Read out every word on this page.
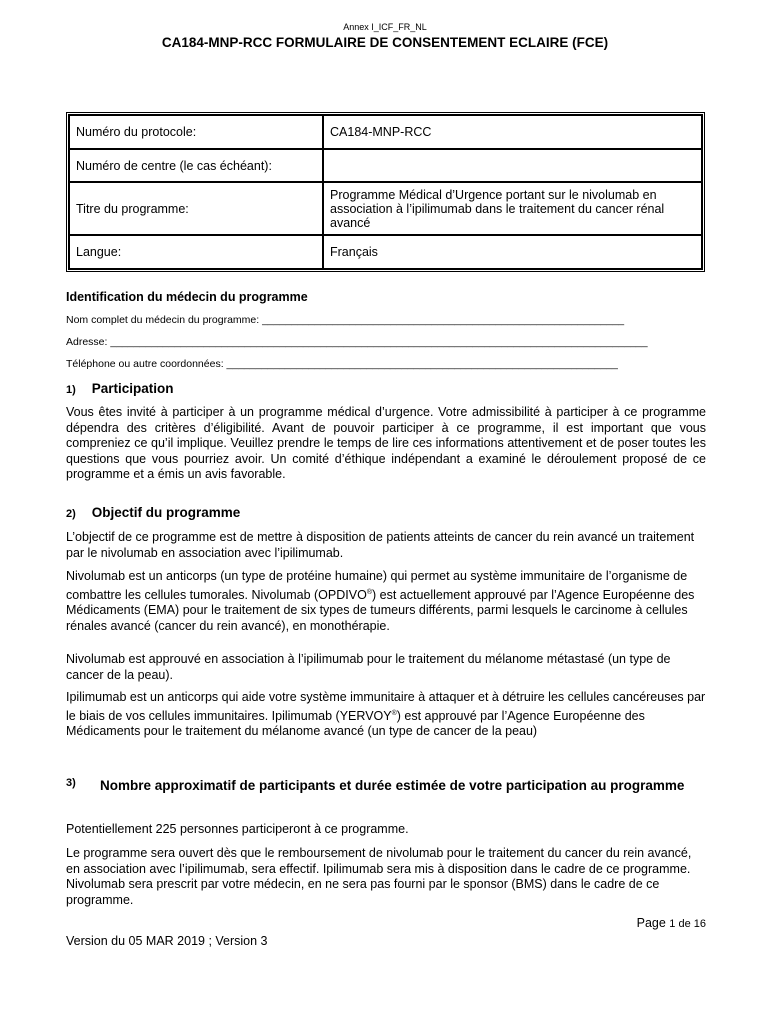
Annex I_ICF_FR_NL
CA184-MNP-RCC FORMULAIRE DE CONSENTEMENT ECLAIRE (FCE)
Numéro du protocole:	CA184-MNP-RCC
Numéro de centre (le cas échéant):	
Titre du programme:	Programme Médical d’Urgence portant sur le nivolumab en association à l’ipilimumab dans le traitement du cancer rénal avancé
Langue:	Français
Identification du médecin du programme
Nom complet du médecin du programme: ______________________________________________________________
Adresse: ____________________________________________________________________________________________
Téléphone ou autre coordonnées: ___________________________________________________________________
1) Participation

Vous êtes invité à participer à un programme médical d’urgence. Votre admissibilité à participer à ce programme dépendra des critères d’éligibilité. Avant de pouvoir participer à ce programme, il est important que vous compreniez ce qu’il implique. Veuillez prendre le temps de lire ces informations attentivement et de poser toutes les questions que vous pourriez avoir. Un comité d’éthique indépendant a examiné le déroulement proposé de ce programme et a émis un avis favorable.

2) Objectif du programme

L’objectif de ce programme est de mettre à disposition de patients atteints de cancer du rein avancé un traitement par le nivolumab en association avec l’ipilimumab.

Nivolumab est un anticorps (un type de protéine humaine) qui permet au système immunitaire de l’organisme de combattre les cellules tumorales. Nivolumab (OPDIVO®) est actuellement approuvé par l’Agence Européenne des Médicaments (EMA) pour le traitement de six types de tumeurs différents, parmi lesquels le carcinome à cellules rénales avancé (cancer du rein avancé), en monothérapie.

Nivolumab est approuvé en association à l’ipilimumab pour le traitement du mélanome métastasé (un type de cancer de la peau).

Ipilimumab est un anticorps qui aide votre système immunitaire à attaquer et à détruire les cellules cancéreuses par le biais de vos cellules immunitaires. Ipilimumab (YERVOY®) est approuvé par l’Agence Européenne des Médicaments pour le traitement du mélanome avancé (un type de cancer de la peau)

3) Nombre approximatif de participants et durée estimée de votre participation au programme

Potentiellement 225 personnes participeront à ce programme.

Le programme sera ouvert dès que le remboursement de nivolumab pour le traitement du cancer du rein avancé, en association avec l’ipilimumab, sera effectif. Ipilimumab sera mis à disposition dans le cadre de ce programme. Nivolumab sera prescrit par votre médecin, en ne sera pas fourni par le sponsor (BMS) dans le cadre de ce programme.

Page 1 de 16
Version du 05 MAR 2019 ; Version 3
